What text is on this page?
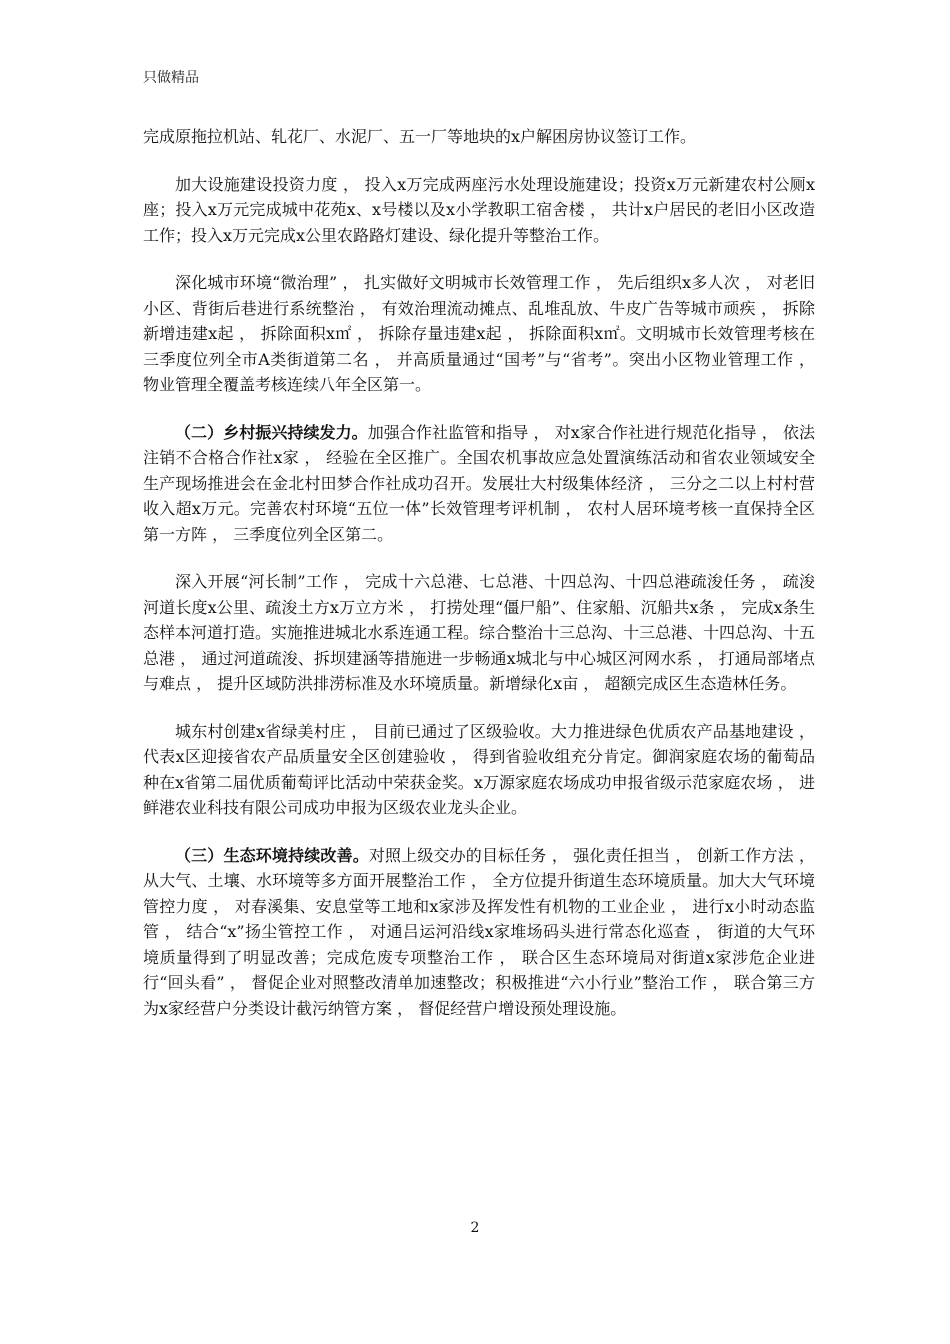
只做精品

完成原拖拉机站、轧花厂、水泥厂、五一厂等地块的x户解困房协议签订工作。

加大设施建设投资力度 ， 投入x万完成两座污水处理设施建设；投资x万元新建农村公厕x座；投入x万元完成城中花苑x、x号楼以及x小学教职工宿舍楼 ， 共计x户居民的老旧小区改造工作；投入x万元完成x公里农路路灯建设、绿化提升等整治工作。

深化城市环境“微治理” ， 扎实做好文明城市长效管理工作 ， 先后组织x多人次 ， 对老旧小区、背街后巷进行系统整治 ， 有效治理流动摊点、乱堆乱放、牛皮广告等城市顽疾 ， 拆除新增违建x起 ， 拆除面积x㎡ ， 拆除存量违建x起 ， 拆除面积x㎡。文明城市长效管理考核在三季度位列全市A类街道第二名 ， 并高质量通过“国考”与“省考”。突出小区物业管理工作 ， 物业管理全覆盖考核连续八年全区第一。

（二）乡村振兴持续发力。加强合作社监管和指导 ， 对x家合作社进行规范化指导 ， 依法注销不合格合作社x家 ， 经验在全区推广。全国农机事故应急处置演练活动和省农业领域安全生产现场推进会在金北村田梦合作社成功召开。发展壮大村级集体经济 ， 三分之二以上村村营收入超x万元。完善农村环境“五位一体”长效管理考评机制 ， 农村人居环境考核一直保持全区第一方阵 ， 三季度位列全区第二。

深入开展“河长制”工作 ， 完成十六总港、七总港、十四总沟、十四总港疏浚任务 ， 疏浚河道长度x公里、疏浚土方x万立方米 ， 打捞处理“僵尸船”、住家船、沉船共x条 ， 完成x条生态样本河道打造。实施推进城北水系连通工程。综合整治十三总沟、十三总港、十四总沟、十五总港 ， 通过河道疏浚、拆坝建涵等措施进一步畅通x城北与中心城区河网水系 ， 打通局部堵点与难点 ， 提升区域防洪排涝标准及水环境质量。新增绿化x亩 ， 超额完成区生态造林任务。

城东村创建x省绿美村庄 ， 目前已通过了区级验收。大力推进绿色优质农产品基地建设 ， 代表x区迎接省农产品质量安全区创建验收 ， 得到省验收组充分肯定。御润家庭农场的葡萄品种在x省第二届优质葡萄评比活动中荣获金奖。x万源家庭农场成功申报省级示范家庭农场 ， 进鲜港农业科技有限公司成功申报为区级农业龙头企业。

（三）生态环境持续改善。对照上级交办的目标任务 ， 强化责任担当 ， 创新工作方法 ， 从大气、土壤、水环境等多方面开展整治工作 ， 全方位提升街道生态环境质量。加大大气环境管控力度 ， 对春溪集、安息堂等工地和x家涉及挥发性有机物的工业企业 ， 进行x小时动态监管 ， 结合“x”扬尘管控工作 ， 对通吕运河沿线x家堆场码头进行常态化巡查 ， 街道的大气环境质量得到了明显改善；完成危废专项整治工作 ， 联合区生态环境局对街道x家涉危企业进行“回头看” ， 督促企业对照整改清单加速整改；积极推进“六小行业”整治工作 ， 联合第三方为x家经营户分类设计截污纳管方案 ， 督促经营户增设预处理设施。

2
